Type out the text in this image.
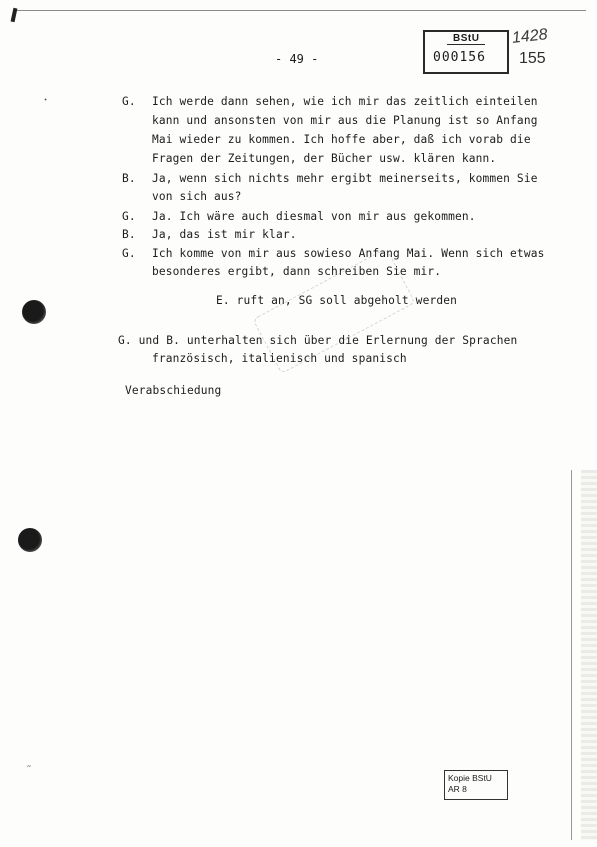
- 49 -
BStU
000156
1428
155
ꞏ	G. Ich werde dann sehen, wie ich mir das zeitlich einteilen
kann und ansonsten von mir aus die Planung ist so Anfang
Mai wieder zu kommen. Ich hoffe aber, daß ich vorab die
Fragen der Zeitungen, der Bücher usw. klären kann.
B. Ja, wenn sich nichts mehr ergibt meinerseits, kommen Sie
von sich aus?
G. Ja. Ich wäre auch diesmal von mir aus gekommen.
B. Ja, das ist mir klar.
G. Ich komme von mir aus sowieso Anfang Mai. Wenn sich etwas
besonderes ergibt, dann schreiben Sie mir.
E. ruft an, SG soll abgeholt werden
G. und B. unterhalten sich über die Erlernung der Sprachen
französisch, italienisch und spanisch
Verabschiedung
˜
Kopie BStU
AR 8
